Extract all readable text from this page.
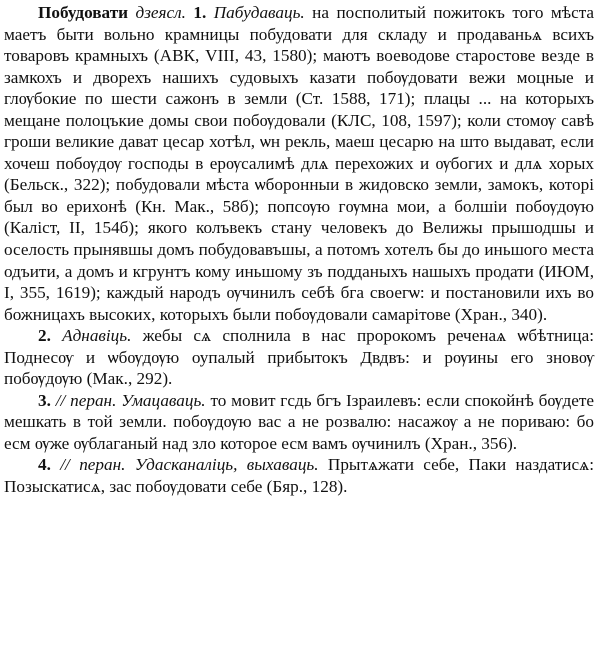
Побудовати дзеясл. 1. Пабудаваць. на посполитый пожитокъ того мѣста маетъ быти вольно крамницы побудовати для складу и продаваньѧ всихъ товаровъ крамныхъ (АВК, VIII, 43, 1580); маютъ воеводове старостове везде в замкохъ и дворехъ нашихъ судовыхъ казати побѹдовати вежи моцные и глѹбокие по шести сажонъ в земли (Ст. 1588, 171); плацы ... на которыхъ мещане полоцъкие домы свои побѹдовали (КЛС, 108, 1597); коли стомѹ савѣ гроши великие дават цесар хотѣл, ѡн рекль, маеш цесарю на што выдават, если хочеш побѹдѹ господы в ерѹсалимѣ длѧ перехожих и ѹбогих и длѧ хорых (Бельск., 322); побудовали мѣста ѡборонныи в жидовско земли, замокъ, которі был во ерихонѣ (Кн. Мак., 58б); попсѹю гѹмна мои, а болшіи побѹдѹю (Каліст, II, 154б); якого колъвекъ стану человекъ до Велижы прышодшы и оселость прынявшы домъ побудовавъшы, а потомъ хотелъ бы до иньшого места одъити, а домъ и кгрунтъ кому иньшому зъ подданыхъ нашыхъ продати (ИЮМ, I, 355, 1619); каждый народъ ѹчинилъ себѣ бга своегѡ: и постановили ихъ во божницахъ высоких, которыхъ были побѹдовали самарітове (Хран., 340).

2. Аднавіць. жебы сѧ сполнила в нас пророкомъ реченаѧ ѡбѣтница: Поднесѹ и ѡбѹдѹю оупалый прибытокъ Двдвъ: и рѹины его зновѹ побѹдѹю (Мак., 292).

3. // перан. Умацаваць. то мовит гсдь бгъ Ізраилевъ: если спокойнѣ бѹдете мешкать в той земли. побѹдѹю вас а не розвалю: насажѹ а не пориваю: бо есм ѹже ѹблаганый над зло которое есм вамъ ѹчинилъ (Хран., 356).

4. // перан. Удасканаліць, выхаваць. Прытѧжати себе, Паки наздатисѧ: Позыскатисѧ, зас побѹдовати себе (Бяр., 128).
